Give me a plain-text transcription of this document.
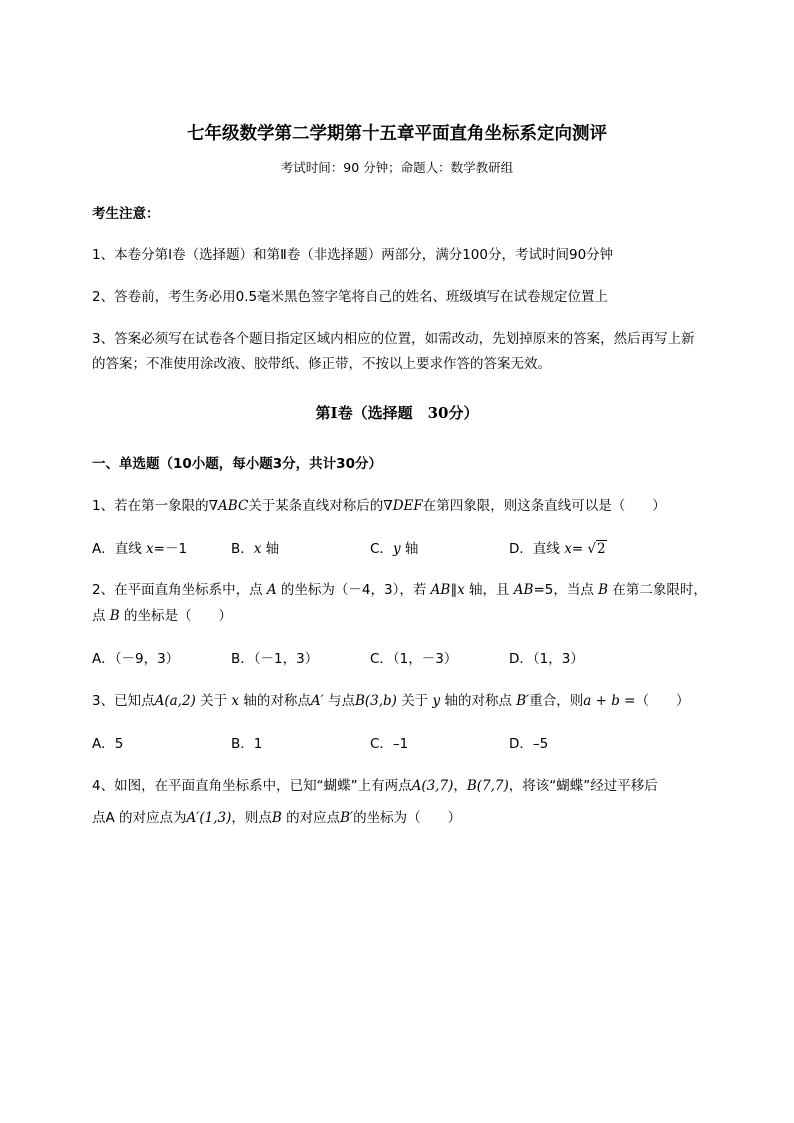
七年级数学第二学期第十五章平面直角坐标系定向测评
考试时间：90 分钟；命题人：数学教研组
考生注意：
1、本卷分第Ⅰ卷（选择题）和第Ⅱ卷（非选择题）两部分，满分100分，考试时间90分钟
2、答卷前，考生务必用0.5毫米黑色签字笔将自己的姓名、班级填写在试卷规定位置上
3、答案必须写在试卷各个题目指定区域内相应的位置，如需改动，先划掉原来的答案，然后再写上新
的答案；不准使用涂改液、胶带纸、修正带，不按以上要求作答的答案无效。
第Ⅰ卷（选择题　30分）
一、单选题（10小题，每小题3分，共计30分）
1、若在第一象限的∇ABC关于某条直线对称后的∇DEF在第四象限，则这条直线可以是（　　）
A．直线 x=－1	B．x 轴	C．y 轴	D．直线 x= √2
2、在平面直角坐标系中，点 A 的坐标为（－4，3），若 AB∥x 轴，且 AB=5，当点 B 在第二象限时，
点 B 的坐标是（　　）
A．（－9，3）	B．（－1，3）	C．（1，－3）	D．（1，3）
3、已知点A(a,2) 关于 x 轴的对称点A′ 与点B(3,b) 关于 y 轴的对称点 B′重合，则a + b =（　　）
A．5	B．1	C．–1	D．–5
4、如图，在平面直角坐标系中，已知“蝴蝶”上有两点A(3,7)，B(7,7)，将该“蝴蝶”经过平移后
点A 的对应点为A′(1,3)，则点B 的对应点B′的坐标为（　　）
